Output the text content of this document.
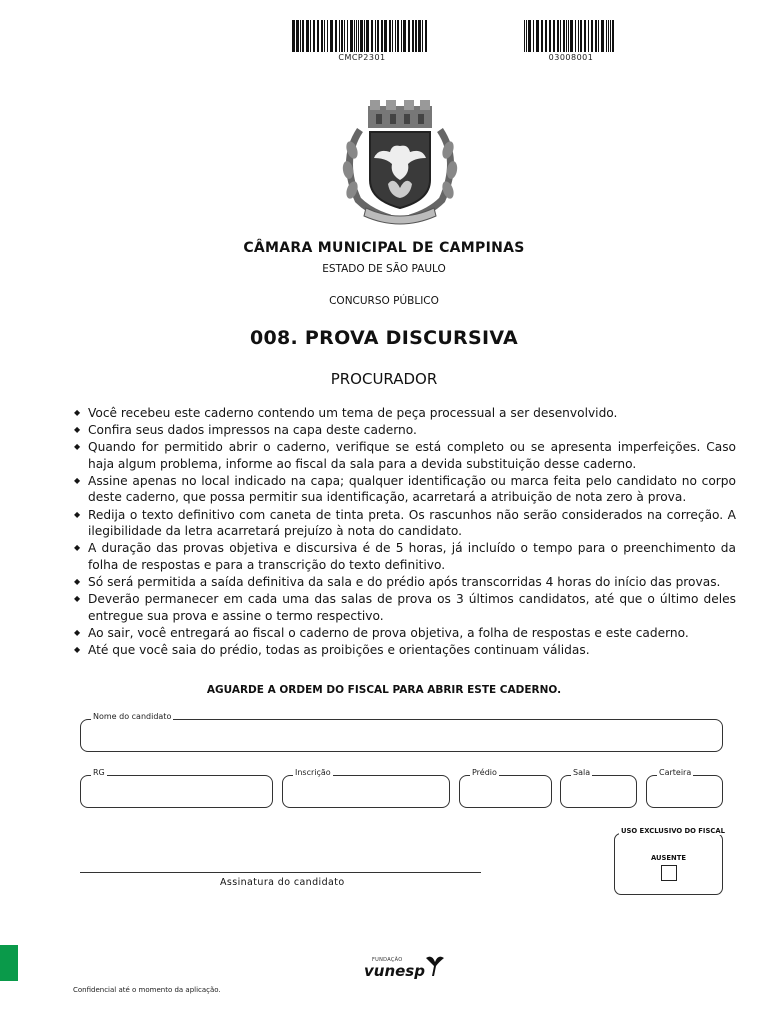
CMCP2301	03008001
CÂMARA MUNICIPAL DE CAMPINAS
ESTADO DE SÃO PAULO
CONCURSO PÚBLICO
008. PROVA DISCURSIVA
PROCURADOR
◆ Você recebeu este caderno contendo um tema de peça processual a ser desenvolvido.
◆ Confira seus dados impressos na capa deste caderno.
◆ Quando for permitido abrir o caderno, verifique se está completo ou se apresenta imperfeições. Caso haja algum problema, informe ao fiscal da sala para a devida substituição desse caderno.
◆ Assine apenas no local indicado na capa; qualquer identificação ou marca feita pelo candidato no corpo deste caderno, que possa permitir sua identificação, acarretará a atribuição de nota zero à prova.
◆ Redija o texto definitivo com caneta de tinta preta. Os rascunhos não serão considerados na correção. A ilegibilidade da letra acarretará prejuízo à nota do candidato.
◆ A duração das provas objetiva e discursiva é de 5 horas, já incluído o tempo para o preenchimento da folha de respostas e para a transcrição do texto definitivo.
◆ Só será permitida a saída definitiva da sala e do prédio após transcorridas 4 horas do início das provas.
◆ Deverão permanecer em cada uma das salas de prova os 3 últimos candidatos, até que o último deles entregue sua prova e assine o termo respectivo.
◆ Ao sair, você entregará ao fiscal o caderno de prova objetiva, a folha de respostas e este caderno.
◆ Até que você saia do prédio, todas as proibições e orientações continuam válidas.
AGUARDE A ORDEM DO FISCAL PARA ABRIR ESTE CADERNO.
Nome do candidato
RG	Inscrição	Prédio	Sala	Carteira
USO EXCLUSIVO DO FISCAL
AUSENTE
Assinatura do candidato
FUNDAÇÃO
vunesp
Confidencial até o momento da aplicação.
